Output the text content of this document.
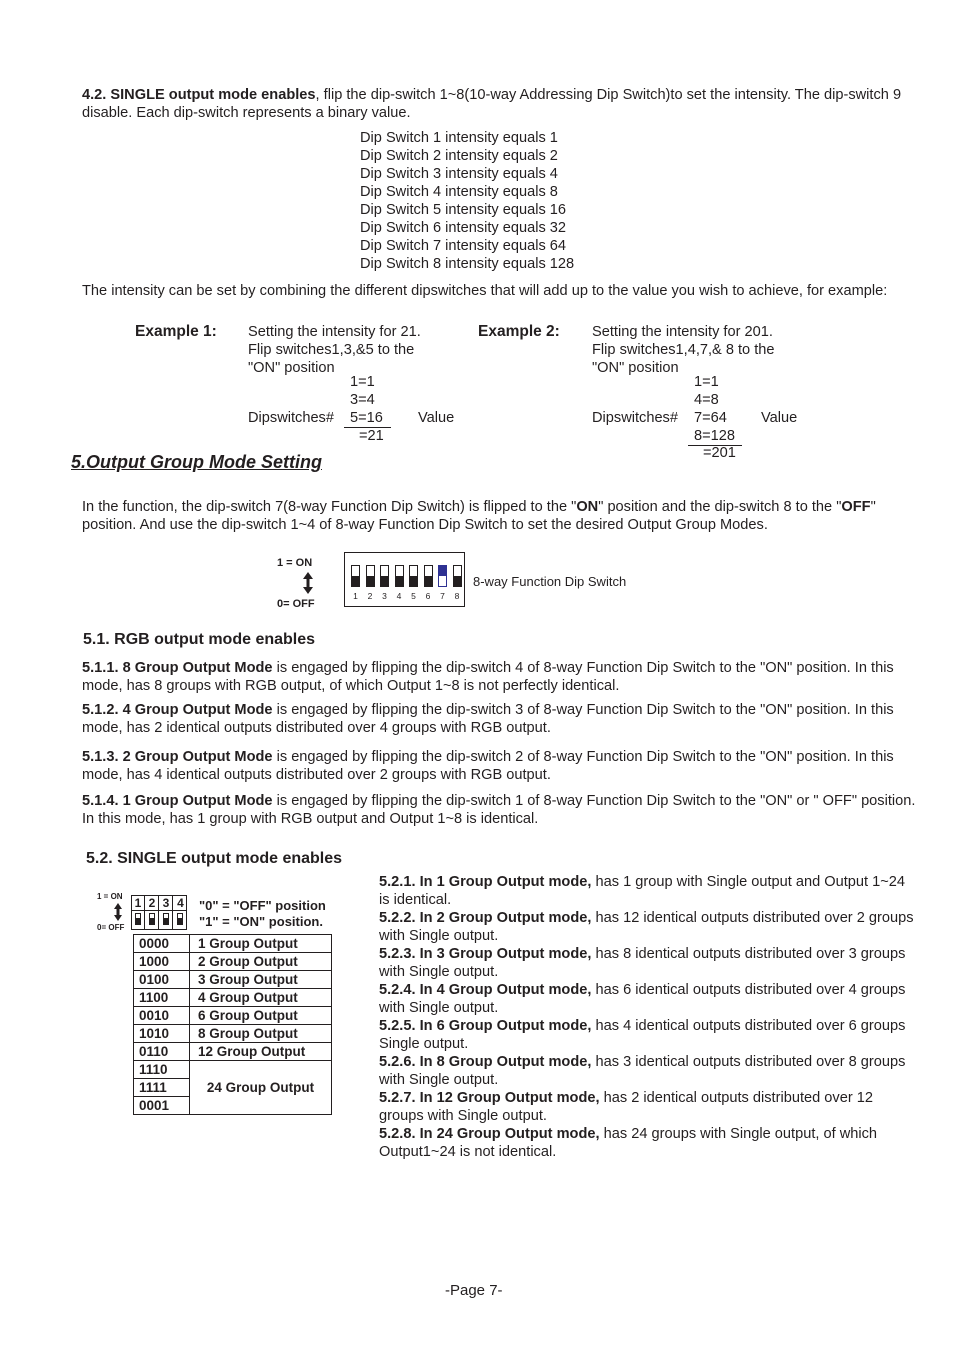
4.2. SINGLE output mode enables, flip the dip-switch 1~8(10-way Addressing Dip Switch)to set the intensity. The dip-switch 9 disable. Each dip-switch represents a binary value.
Dip Switch 1 intensity equals 1
Dip Switch 2 intensity equals 2
Dip Switch 3 intensity equals 4
Dip Switch 4 intensity equals 8
Dip Switch 5 intensity equals 16
Dip Switch 6 intensity equals 32
Dip Switch 7 intensity equals 64
Dip Switch 8 intensity equals 128
The intensity can be set by combining the different dipswitches that will add up to the value you wish to achieve, for example:
Example 1: Setting the intensity for 21.
Flip switches1,3,&5 to the
"ON" position
1=1
3=4
Dipswitches# 5=16 Value
=21
Example 2: Setting the intensity for 201.
Flip switches1,4,7,& 8 to the
"ON" position
1=1
4=8
Dipswitches# 7=64 Value
8=128
=201
5.Output Group Mode Setting
In the function, the dip-switch 7(8-way Function Dip Switch) is flipped to the "ON" position and the dip-switch 8 to the "OFF" position. And use the dip-switch 1~4 of 8-way Function Dip Switch to set the desired Output Group Modes.
1 = ON
0= OFF
1 2 3 4 5 6 7 8
8-way Function Dip Switch
5.1. RGB output mode enables
5.1.1. 8 Group Output Mode is engaged by flipping the dip-switch 4 of 8-way Function Dip Switch to the "ON" position. In this mode, has 8 groups with RGB output, of which Output 1~8 is not perfectly identical.
5.1.2. 4 Group Output Mode is engaged by flipping the dip-switch 3 of 8-way Function Dip Switch to the "ON" position. In this mode, has 2 identical outputs distributed over 4 groups with RGB output.
5.1.3. 2 Group Output Mode is engaged by flipping the dip-switch 2 of 8-way Function Dip Switch to the "ON" position. In this mode, has 4 identical outputs distributed over 2 groups with RGB output.
5.1.4. 1 Group Output Mode is engaged by flipping the dip-switch 1 of 8-way Function Dip Switch to the "ON" or " OFF" position. In this mode, has 1 group with RGB output and Output 1~8 is identical.
5.2. SINGLE output mode enables
1 = ON
0= OFF
1 2 3 4 "0" = "OFF" position
"1" = "ON" position.
0000	1 Group Output
1000	2 Group Output
0100	3 Group Output
1100	4 Group Output
0010	6 Group Output
1010	8 Group Output
0110	12 Group Output
1110	24 Group Output
1111	
0001	

5.2.1. In 1 Group Output mode, has 1 group with Single output and Output 1~24 is identical.

5.2.2. In 2 Group Output mode, has 12 identical outputs distributed over 2 groups with Single output.

5.2.3. In 3 Group Output mode, has 8 identical outputs distributed over 3 groups with Single output.

5.2.4. In 4 Group Output mode, has 6 identical outputs distributed over 4 groups with Single output.

5.2.5. In 6 Group Output mode, has 4 identical outputs distributed over 6 groups Single output.

5.2.6. In 8 Group Output mode, has 3 identical outputs distributed over 8 groups with Single output.

5.2.7. In 12 Group Output mode, has 2 identical outputs distributed over 12 groups with Single output.

5.2.8. In 24 Group Output mode, has 24 groups with Single output, of which Output1~24 is not identical.

-Page 7-
